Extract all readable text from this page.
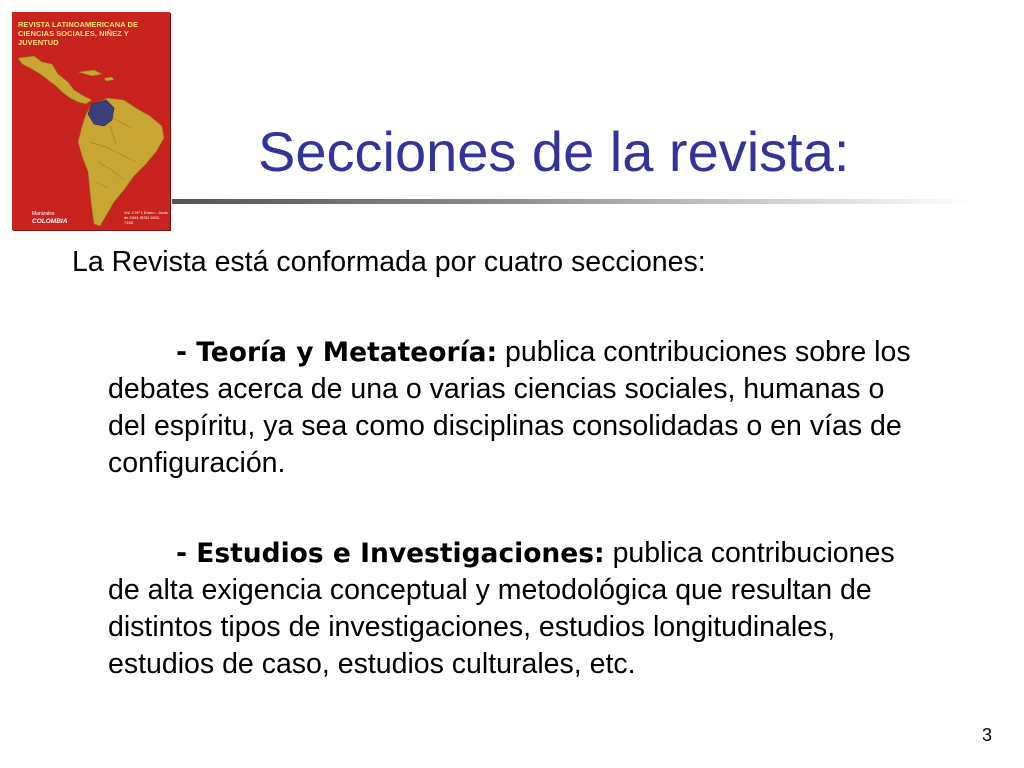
REVISTA LATINOAMERICANA DE CIENCIAS SOCIALES, NIÑEZ Y JUVENTUD
Manizales
COLOMBIA
Vol. 2 Nº 1 Enero - Junio de 2004 ISSN 1692-715X
Secciones de la revista:
La Revista está conformada por cuatro secciones:
- Teoría y Metateoría: publica contribuciones sobre los debates acerca de una o varias ciencias sociales, humanas o del espíritu, ya sea como disciplinas consolidadas o en vías de configuración.
- Estudios e Investigaciones: publica contribuciones de alta exigencia conceptual y metodológica que resultan de distintos tipos de investigaciones, estudios longitudinales, estudios de caso, estudios culturales, etc.
3
